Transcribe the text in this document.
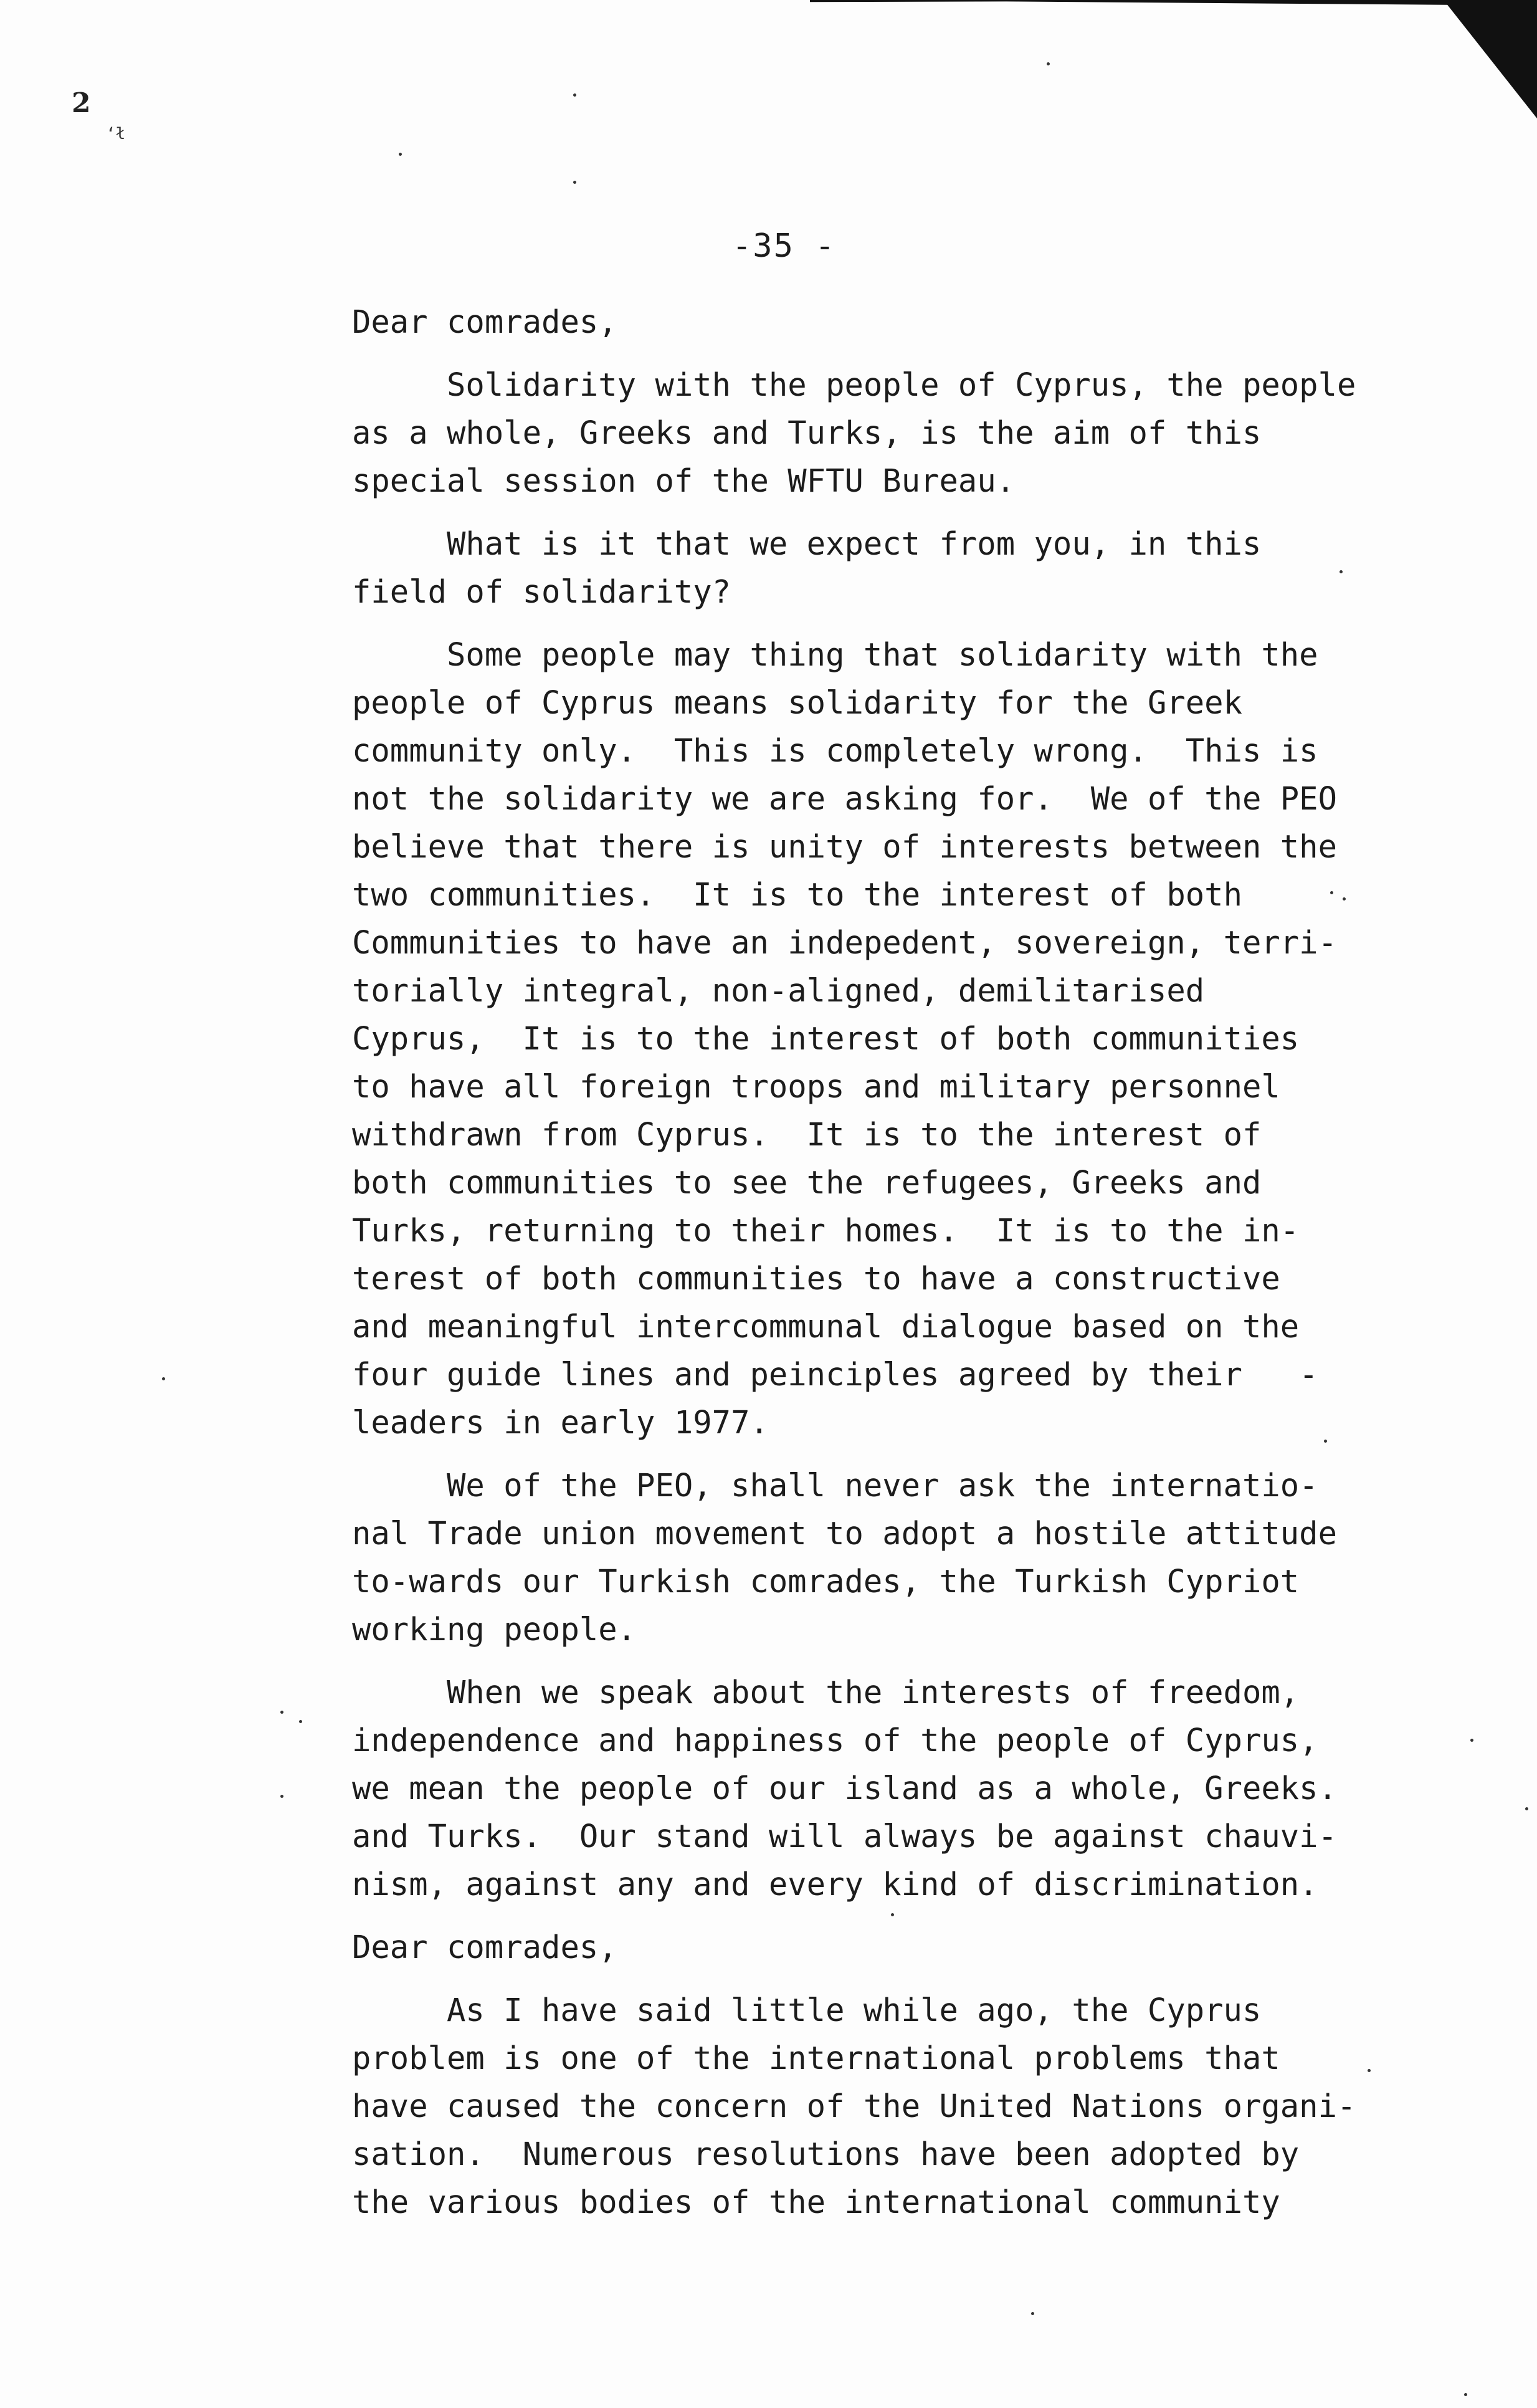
2
‘ł
-35 -
Dear comrades,
Solidarity with the people of Cyprus, the people
as a whole, Greeks and Turks, is the aim of this
special session of the WFTU Bureau.
What is it that we expect from you, in this
field of solidarity?
Some people may thing that solidarity with the
people of Cyprus means solidarity for the Greek
community only.  This is completely wrong.  This is
not the solidarity we are asking for.  We of the PEO
believe that there is unity of interests between the
two communities.  It is to the interest of both
Communities to have an indepedent, sovereign, terri-
torially integral, non-aligned, demilitarised
Cyprus,  It is to the interest of both communities
to have all foreign troops and military personnel
withdrawn from Cyprus.  It is to the interest of
both communities to see the refugees, Greeks and
Turks, returning to their homes.  It is to the in-
terest of both communities to have a constructive
and meaningful intercommunal dialogue based on the
four guide lines and peinciples agreed by their   -
leaders in early 1977.
We of the PEO, shall never ask the internatio-
nal Trade union movement to adopt a hostile attitude
to-wards our Turkish comrades, the Turkish Cypriot
working people.
When we speak about the interests of freedom,
independence and happiness of the people of Cyprus,
we mean the people of our island as a whole, Greeks.
and Turks.  Our stand will always be against chauvi-
nism, against any and every kind of discrimination.
Dear comrades,
As I have said little while ago, the Cyprus
problem is one of the international problems that
have caused the concern of the United Nations organi-
sation.  Numerous resolutions have been adopted by
the various bodies of the international community
